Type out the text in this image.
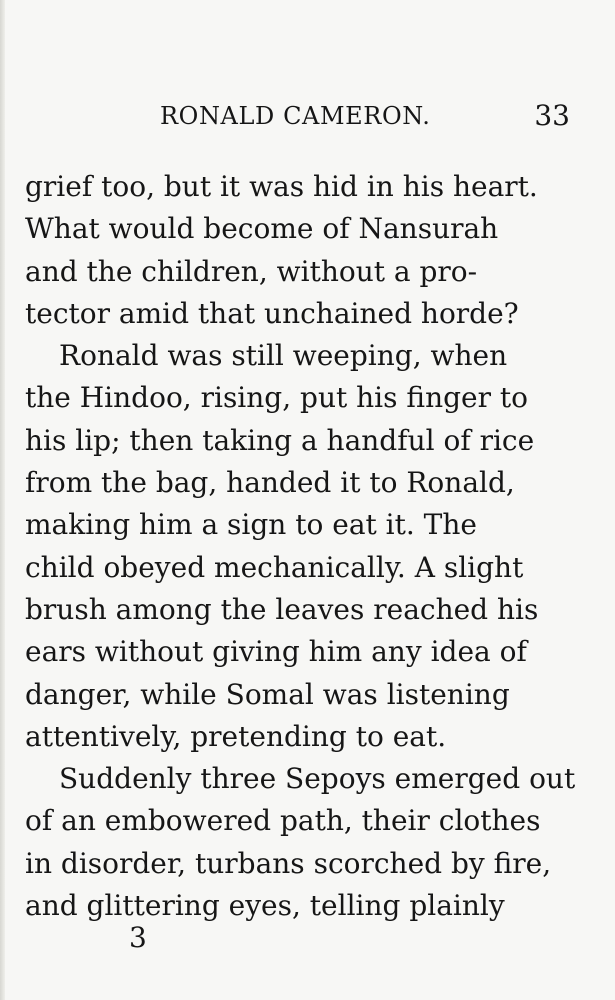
RONALD CAMERON.	33
grief too, but it was hid in his heart.
What would become of Nansurah
and the children, without a pro-
tector amid that unchained horde?
Ronald was still weeping, when
the Hindoo, rising, put his finger to
his lip; then taking a handful of rice
from the bag, handed it to Ronald,
making him a sign to eat it. The
child obeyed mechanically. A slight
brush among the leaves reached his
ears without giving him any idea of
danger, while Somal was listening
attentively, pretending to eat.
Suddenly three Sepoys emerged out
of an embowered path, their clothes
in disorder, turbans scorched by fire,
and glittering eyes, telling plainly
3
